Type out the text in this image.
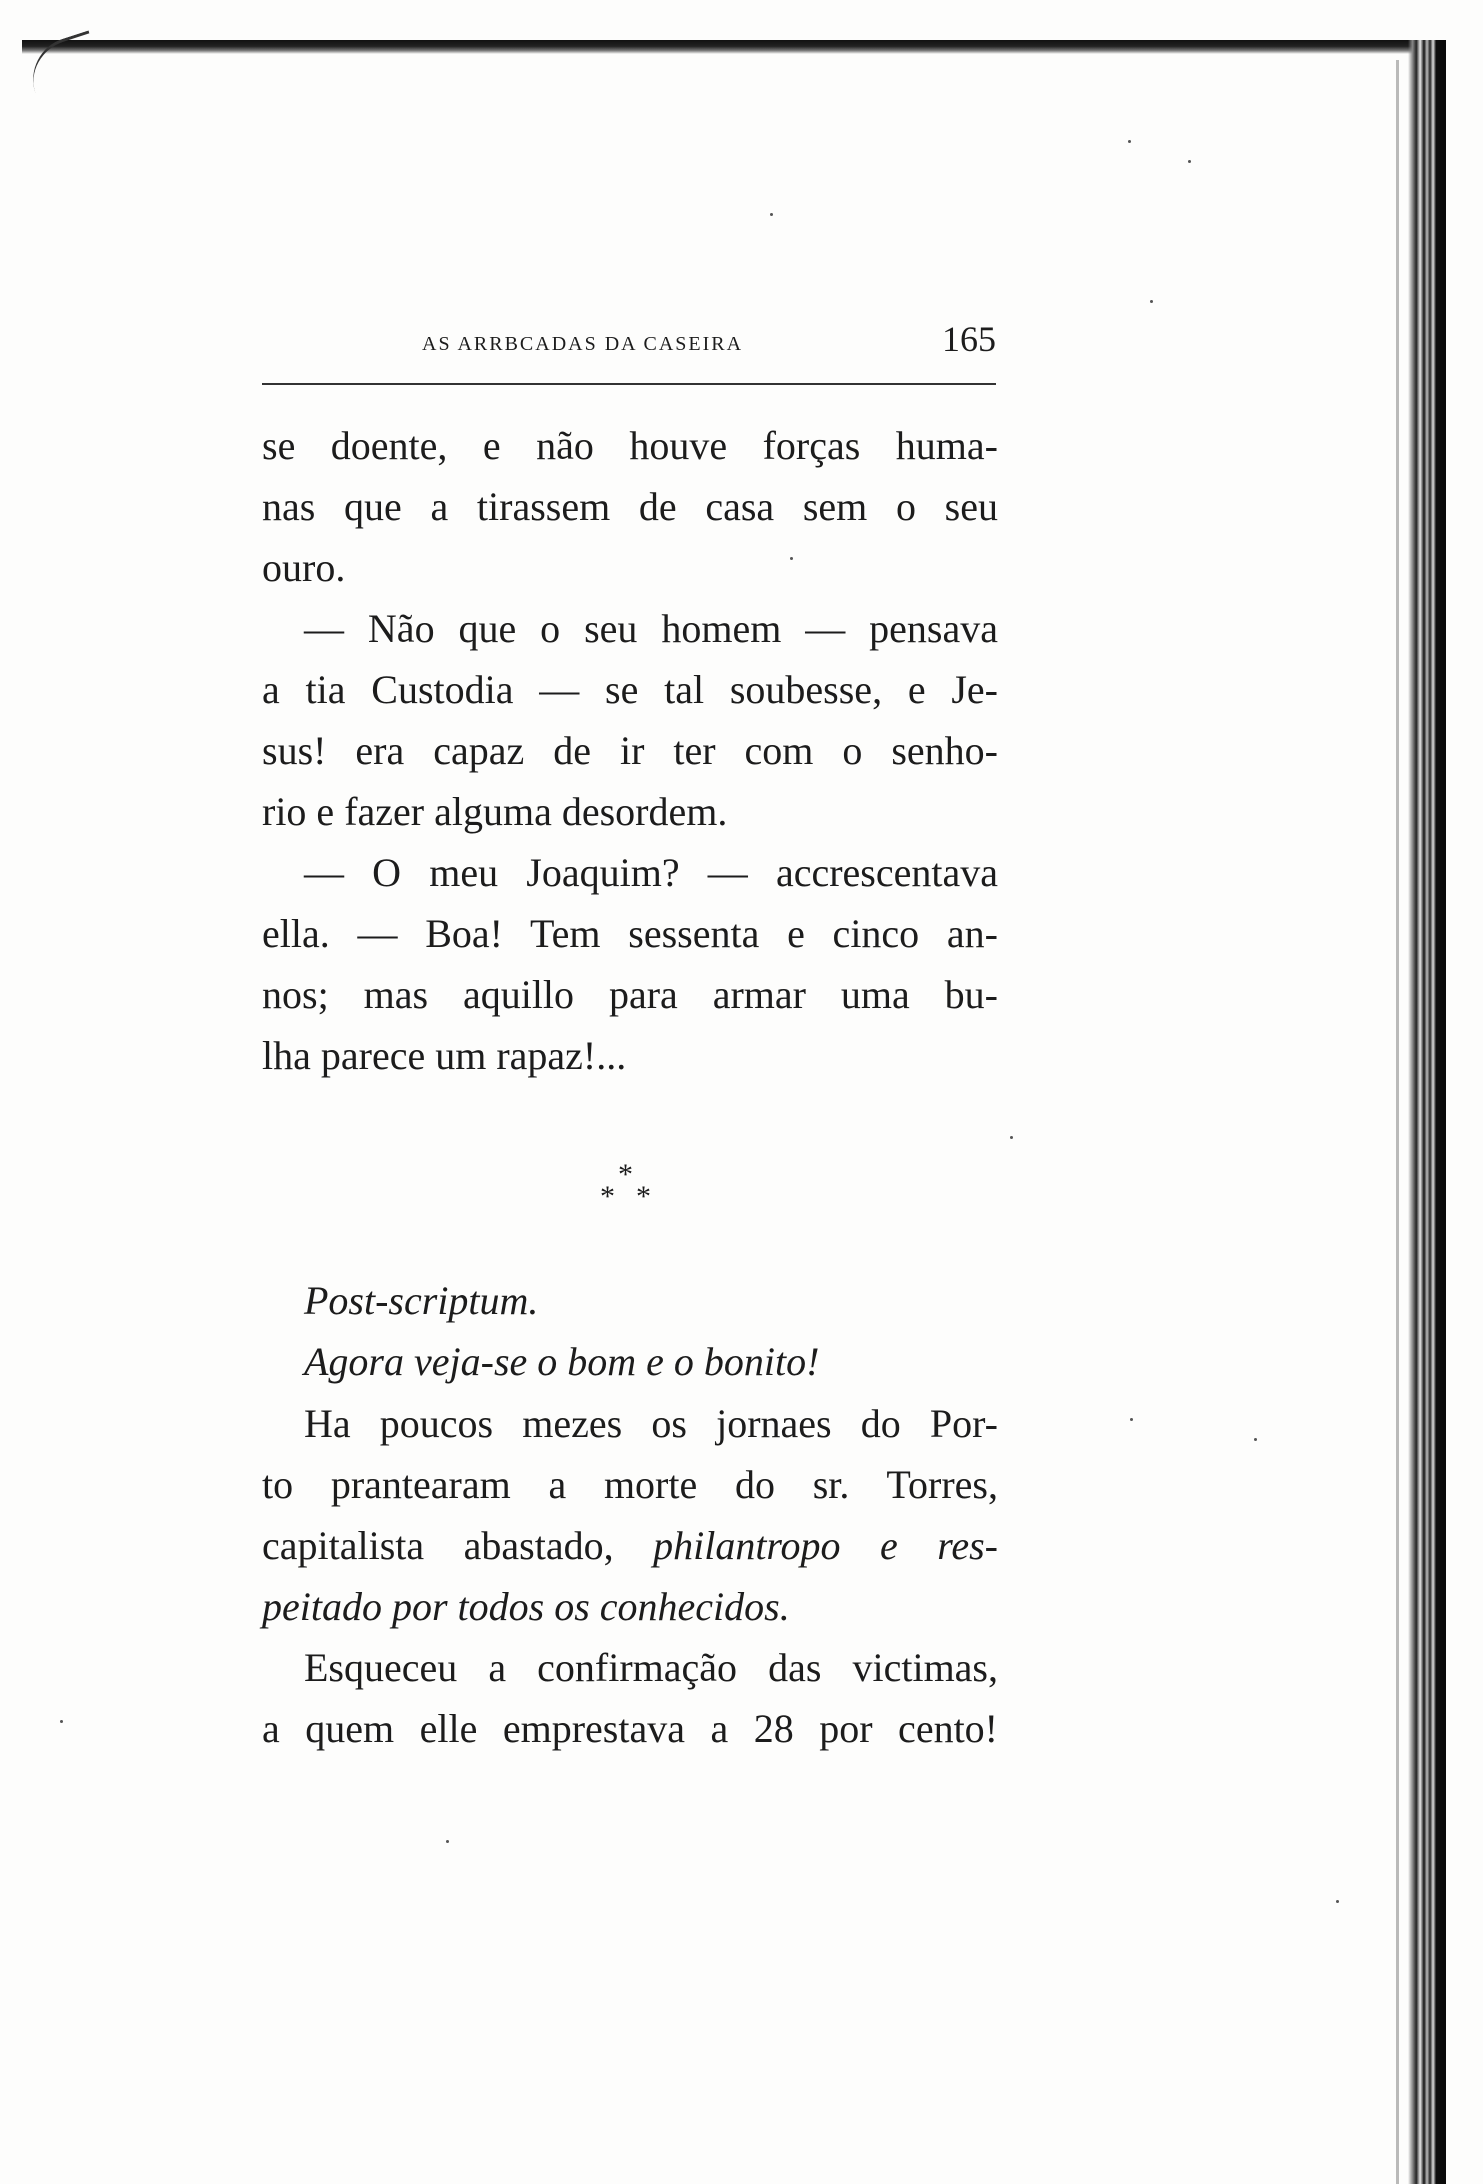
AS ARRBCADAS DA CASEIRA	165
se doente, e não houve forças huma-
nas que a tirassem de casa sem o seu
ouro.
— Não que o seu homem — pensava
a tia Custodia — se tal soubesse, e Je-
sus! era capaz de ir ter com o senho-
rio e fazer alguma desordem.
— O meu Joaquim? — accrescentava
ella. — Boa! Tem sessenta e cinco an-
nos; mas aquillo para armar uma bu-
lha parece um rapaz!...
*
* *
Post-scriptum.
Agora veja-se o bom e o bonito!
Ha poucos mezes os jornaes do Por-
to prantearam a morte do sr. Torres,
capitalista abastado, philantropo e res-
peitado por todos os conhecidos.
Esqueceu a confirmação das victimas,
a quem elle emprestava a 28 por cento!
